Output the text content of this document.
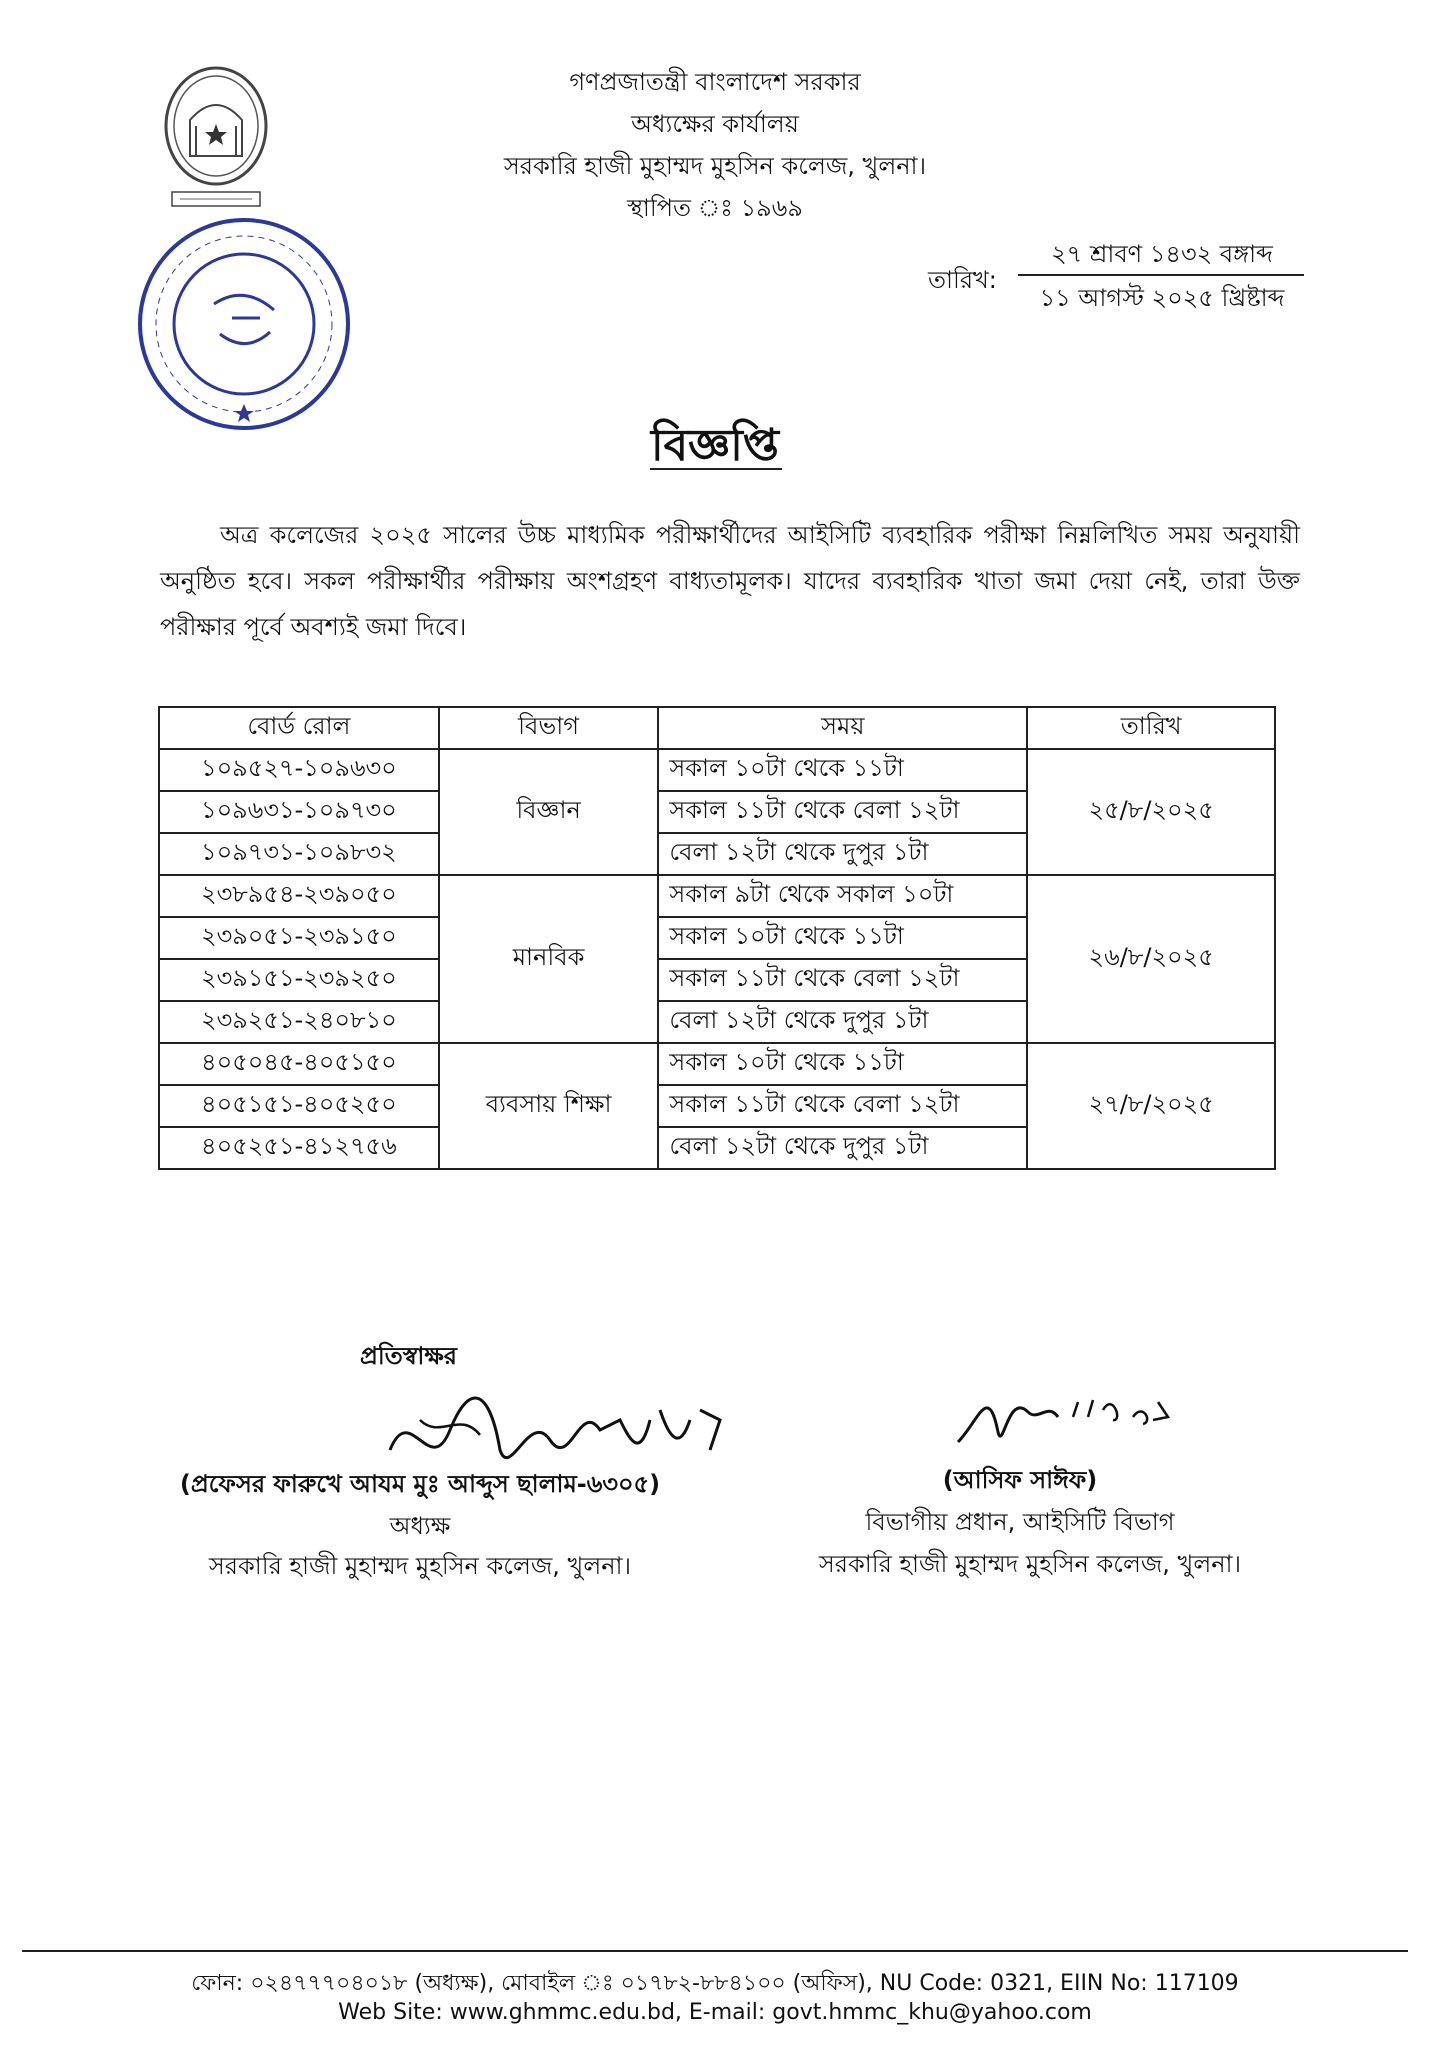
গণপ্রজাতন্ত্রী বাংলাদেশ সরকার
অধ্যক্ষের কার্যালয়
সরকারি হাজী মুহাম্মদ মুহসিন কলেজ, খুলনা।
স্থাপিত ঃ ১৯৬৯
তারিখ:
২৭ শ্রাবণ ১৪৩২ বঙ্গাব্দ
১১ আগস্ট ২০২৫ খ্রিষ্টাব্দ
বিজ্ঞপ্তি
অত্র কলেজের ২০২৫ সালের উচ্চ মাধ্যমিক পরীক্ষার্থীদের আইসিটি ব্যবহারিক পরীক্ষা নিম্নলিখিত সময় অনুযায়ী অনুষ্ঠিত হবে। সকল পরীক্ষার্থীর পরীক্ষায় অংশগ্রহণ বাধ্যতামূলক। যাদের ব্যবহারিক খাতা জমা দেয়া নেই, তারা উক্ত পরীক্ষার পূর্বে অবশ্যই জমা দিবে।
বোর্ড রোল	বিভাগ	সময়	তারিখ
১০৯৫২৭-১০৯৬৩০	বিজ্ঞান	সকাল ১০টা থেকে ১১টা	২৫/৮/২০২৫
১০৯৬৩১-১০৯৭৩০		সকাল ১১টা থেকে বেলা ১২টা	
১০৯৭৩১-১০৯৮৩২		বেলা ১২টা থেকে দুপুর ১টা	
২৩৮৯৫৪-২৩৯০৫০	মানবিক	সকাল ৯টা থেকে সকাল ১০টা	২৬/৮/২০২৫
২৩৯০৫১-২৩৯১৫০		সকাল ১০টা থেকে ১১টা	
২৩৯১৫১-২৩৯২৫০		সকাল ১১টা থেকে বেলা ১২টা	
২৩৯২৫১-২৪০৮১০		বেলা ১২টা থেকে দুপুর ১টা	
৪০৫০৪৫-৪০৫১৫০	ব্যবসায় শিক্ষা	সকাল ১০টা থেকে ১১টা	২৭/৮/২০২৫
৪০৫১৫১-৪০৫২৫০		সকাল ১১টা থেকে বেলা ১২টা	
৪০৫২৫১-৪১২৭৫৬		বেলা ১২টা থেকে দুপুর ১টা	
প্রতিস্বাক্ষর
(প্রফেসর ফারুখে আযম মুঃ আব্দুস ছালাম-৬৩০৫)
অধ্যক্ষ
সরকারি হাজী মুহাম্মদ মুহসিন কলেজ, খুলনা।
(আসিফ সাঈফ)
বিভাগীয় প্রধান, আইসিটি বিভাগ
সরকারি হাজী মুহাম্মদ মুহসিন কলেজ, খুলনা।
ফোন: ০২৪৭৭৭০৪০১৮ (অধ্যক্ষ), মোবাইল ঃ ০১৭৮২-৮৮৪১০০ (অফিস), NU Code: 0321, EIIN No: 117109
Web Site: www.ghmmc.edu.bd, E-mail: govt.hmmc_khu@yahoo.com
